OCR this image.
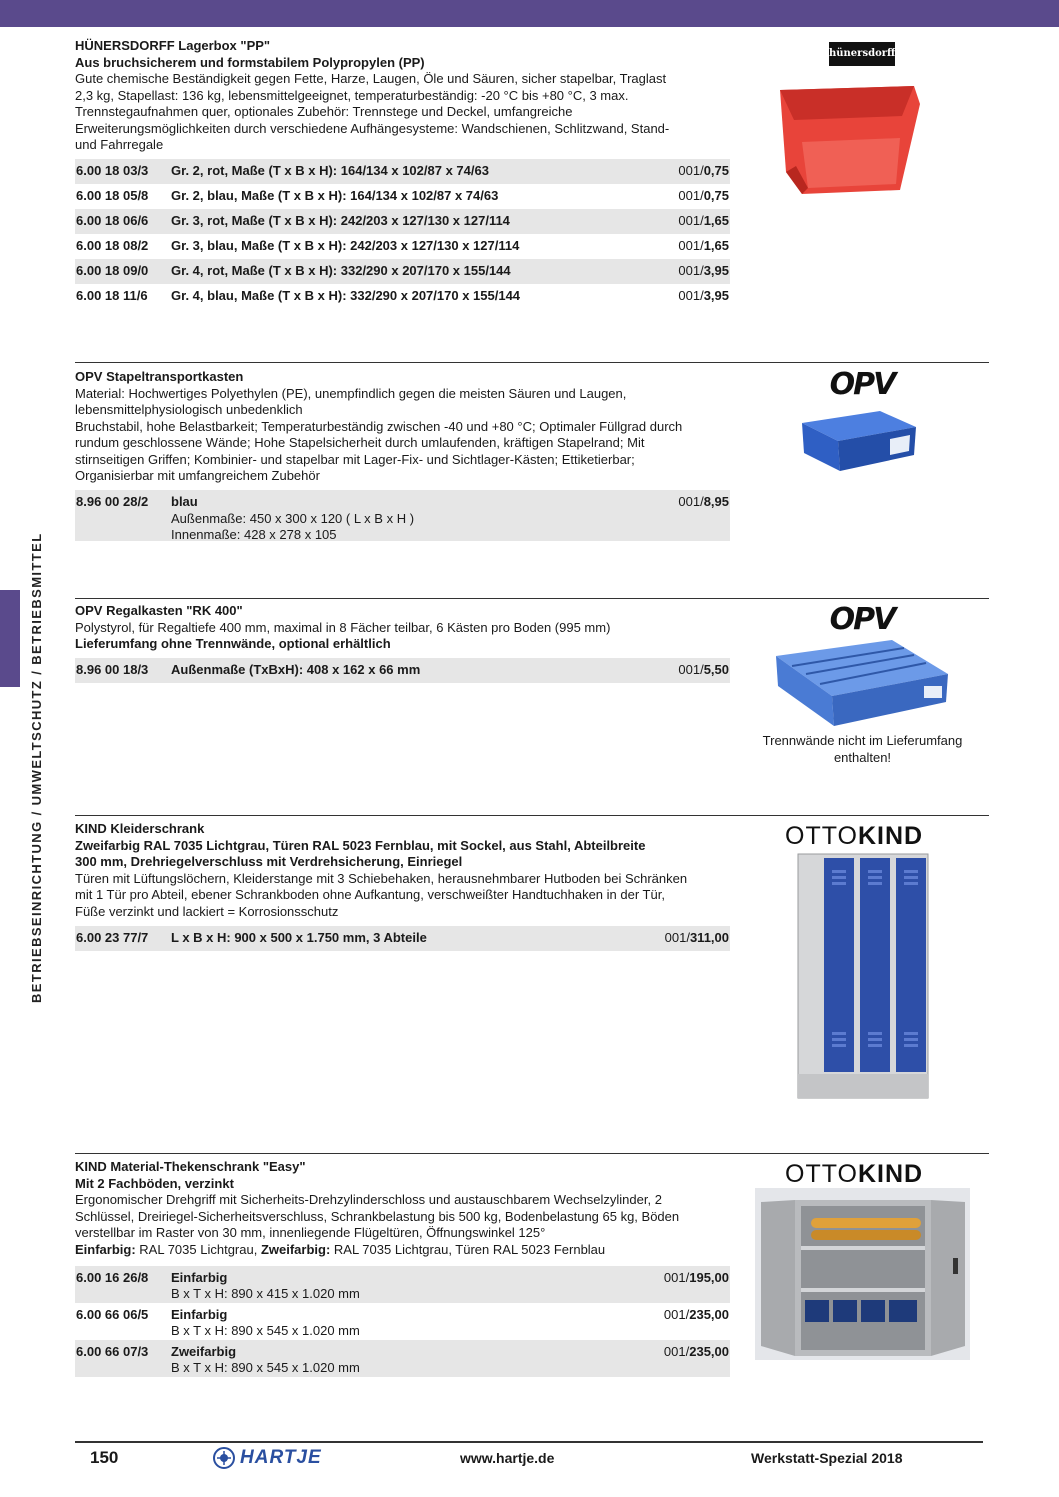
BETRIEBSEINRICHTUNG / UMWELTSCHUTZ / BETRIEBSMITTEL
HÜNERSDORFF Lagerbox "PP"
Aus bruchsicherem und formstabilem Polypropylen (PP)
Gute chemische Beständigkeit gegen Fette, Harze, Laugen, Öle und Säuren, sicher stapelbar, Traglast
2,3 kg, Stapellast: 136 kg, lebensmittelgeeignet, temperaturbeständig: -20 °C bis +80 °C, 3 max.
Trennstegaufnahmen quer, optionales Zubehör: Trennstege und Deckel, umfangreiche
Erweiterungsmöglichkeiten durch verschiedene Aufhängesysteme: Wandschienen, Schlitzwand, Stand-
und Fahrregale
6.00 18 03/3 Gr. 2, rot, Maße (T x B x H): 164/134 x 102/87 x 74/63	001/0,75
6.00 18 05/8 Gr. 2, blau, Maße (T x B x H): 164/134 x 102/87 x 74/63	001/0,75
6.00 18 06/6 Gr. 3, rot, Maße (T x B x H): 242/203 x 127/130 x 127/114	001/1,65
6.00 18 08/2 Gr. 3, blau, Maße (T x B x H): 242/203 x 127/130 x 127/114	001/1,65
6.00 18 09/0 Gr. 4, rot, Maße (T x B x H): 332/290 x 207/170 x 155/144	001/3,95
6.00 18 11/6 Gr. 4, blau, Maße (T x B x H): 332/290 x 207/170 x 155/144	001/3,95
hünersdorff
OPV Stapeltransportkasten
Material: Hochwertiges Polyethylen (PE), unempfindlich gegen die meisten Säuren und Laugen,
lebensmittelphysiologisch unbedenklich
Bruchstabil, hohe Belastbarkeit; Temperaturbeständig zwischen -40 und +80 °C; Optimaler Füllgrad durch
rundum geschlossene Wände; Hohe Stapelsicherheit durch umlaufenden, kräftigen Stapelrand; Mit
stirnseitigen Griffen; Kombinier- und stapelbar mit Lager-Fix- und Sichtlager-Kästen; Ettiketierbar;
Organisierbar mit umfangreichem Zubehör
8.96 00 28/2 blau
Außenmaße: 450 x 300 x 120 ( L x B x H )
Innenmaße: 428 x 278 x 105
001/8,95
OPV
OPV Regalkasten "RK 400"
Polystyrol, für Regaltiefe 400 mm, maximal in 8 Fächer teilbar, 6 Kästen pro Boden (995 mm)
Lieferumfang ohne Trennwände, optional erhältlich
8.96 00 18/3 Außenmaße (TxBxH): 408 x 162 x 66 mm	001/5,50
OPV
Trennwände nicht im Lieferumfang enthalten!
KIND Kleiderschrank
Zweifarbig RAL 7035 Lichtgrau, Türen RAL 5023 Fernblau, mit Sockel, aus Stahl, Abteilbreite
300 mm, Drehriegelverschluss mit Verdrehsicherung, Einriegel
Türen mit Lüftungslöchern, Kleiderstange mit 3 Schiebehaken, herausnehmbarer Hutboden bei Schränken
mit 1 Tür pro Abteil, ebener Schrankboden ohne Aufkantung, verschweißter Handtuchhaken in der Tür,
Füße verzinkt und lackiert = Korrosionsschutz
6.00 23 77/7 L x B x H: 900 x 500 x 1.750 mm, 3 Abteile	001/311,00
OTTOKIND
KIND Material-Thekenschrank "Easy"
Mit 2 Fachböden, verzinkt
Ergonomischer Drehgriff mit Sicherheits-Drehzylinderschloss und austauschbarem Wechselzylinder, 2
Schlüssel, Dreiriegel-Sicherheitsverschluss, Schrankbelastung bis 500 kg, Bodenbelastung 65 kg, Böden
verstellbar im Raster von 30 mm, innenliegende Flügeltüren, Öffnungswinkel 125°
Einfarbig: RAL 7035 Lichtgrau, Zweifarbig: RAL 7035 Lichtgrau, Türen RAL 5023 Fernblau
6.00 16 26/8 Einfarbig
B x T x H: 890 x 415 x 1.020 mm
001/195,00
6.00 66 06/5 Einfarbig
B x T x H: 890 x 545 x 1.020 mm
001/235,00
6.00 66 07/3 Zweifarbig
B x T x H: 890 x 545 x 1.020 mm
001/235,00
OTTOKIND
150	HARTJE	www.hartje.de	Werkstatt-Spezial 2018
